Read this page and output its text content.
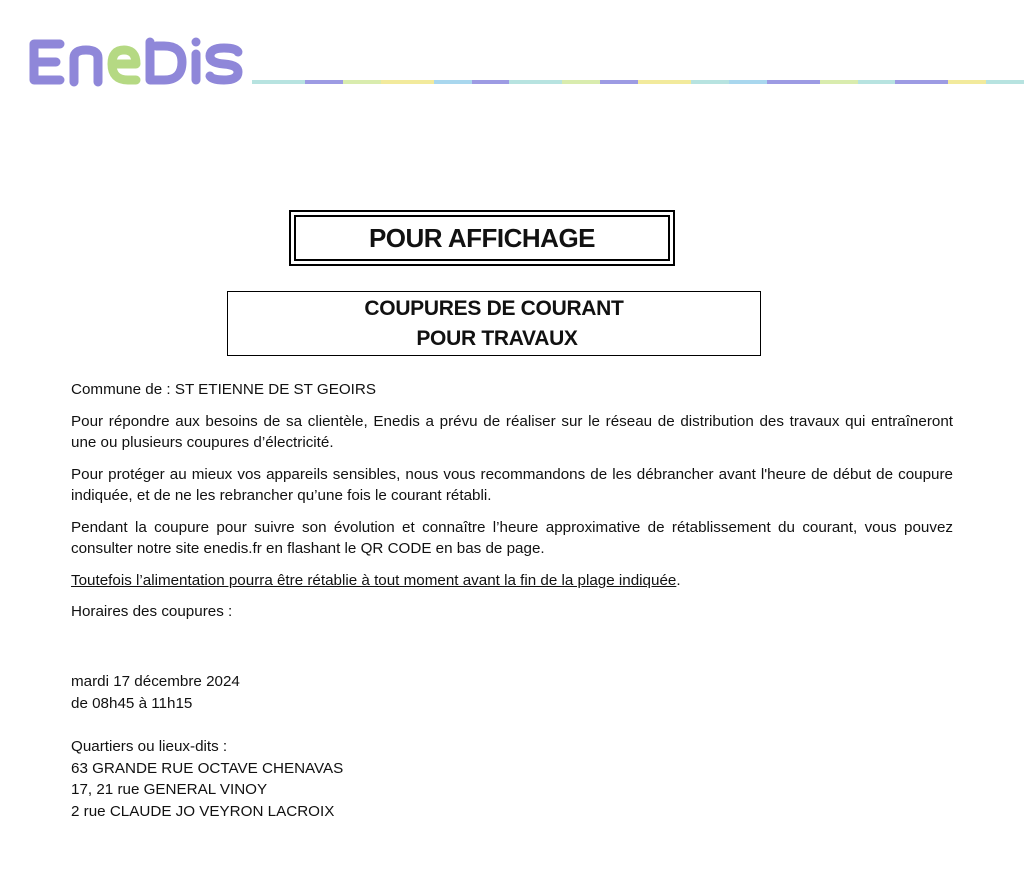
POUR AFFICHAGE
COUPURES DE COURANT
POUR TRAVAUX

Commune de : ST ETIENNE DE ST GEOIRS

Pour répondre aux besoins de sa clientèle, Enedis a prévu de réaliser sur le réseau de distribution des travaux qui entraîneront une ou plusieurs coupures d’électricité.

Pour protéger au mieux vos appareils sensibles, nous vous recommandons de les débrancher avant l'heure de début de coupure indiquée, et de ne les rebrancher qu’une fois le courant rétabli.

Pendant la coupure pour suivre son évolution et connaître l’heure approximative de rétablissement du courant, vous pouvez consulter notre site enedis.fr en flashant le QR CODE en bas de page.

Toutefois l’alimentation pourra être rétablie à tout moment avant la fin de la plage indiquée.

Horaires des coupures :

mardi 17 décembre 2024
de 08h45 à 11h15
Quartiers ou lieux-dits :
63 GRANDE RUE OCTAVE CHENAVAS
17, 21 rue GENERAL VINOY
2 rue CLAUDE JO VEYRON LACROIX
